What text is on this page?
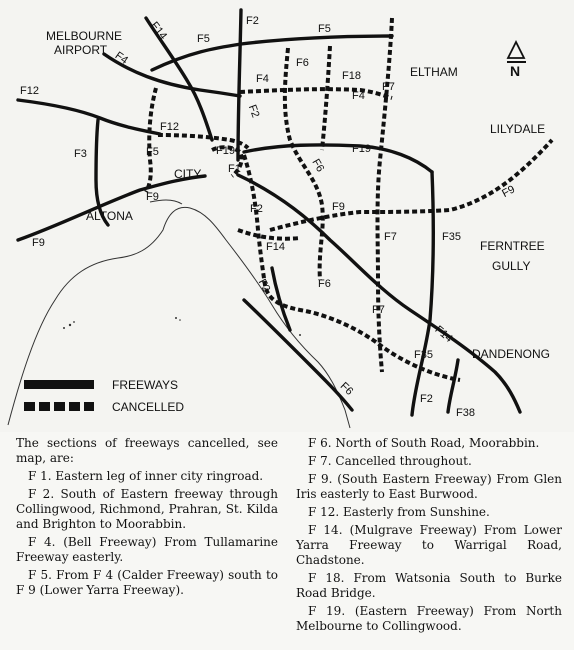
MELBOURNE
AIRPORT
ELTHAM
LILYDALE
CITY
ALTONA
FERNTREE
GULLY
DANDENONG
N
F2
F14	F5
F5
F4
F12
F3
F12
F5
F4
F6
F18
F4
F7
F2
F19
F1	F6
F19
F9
F9
F9
F9
F2
F14
F7	F35
F2	F6
F7
F14
F35
F6
F2
F38
FREEWAYS
CANCELLED

The sections of freeways cancelled, see map, are:

F 1. Eastern leg of inner city ringroad.

F 2. South of Eastern freeway through Collingwood, Richmond, Prahran, St. Kilda and Brighton to Moorabbin.

F 4. (Bell Freeway) From Tullamarine Freeway easterly.

F 5. From F 4 (Calder Freeway) south to F 9 (Lower Yarra Freeway).

F 6. North of South Road, Moorabbin.

F 7. Cancelled throughout.

F 9. (South Eastern Freeway) From Glen Iris easterly to East Burwood.

F 12. Easterly from Sunshine.

F 14. (Mulgrave Freeway) From Lower Yarra Freeway to Warrigal Road, Chadstone.

F 18. From Watsonia South to Burke Road Bridge.

F 19. (Eastern Freeway) From North Melbourne to Collingwood.
